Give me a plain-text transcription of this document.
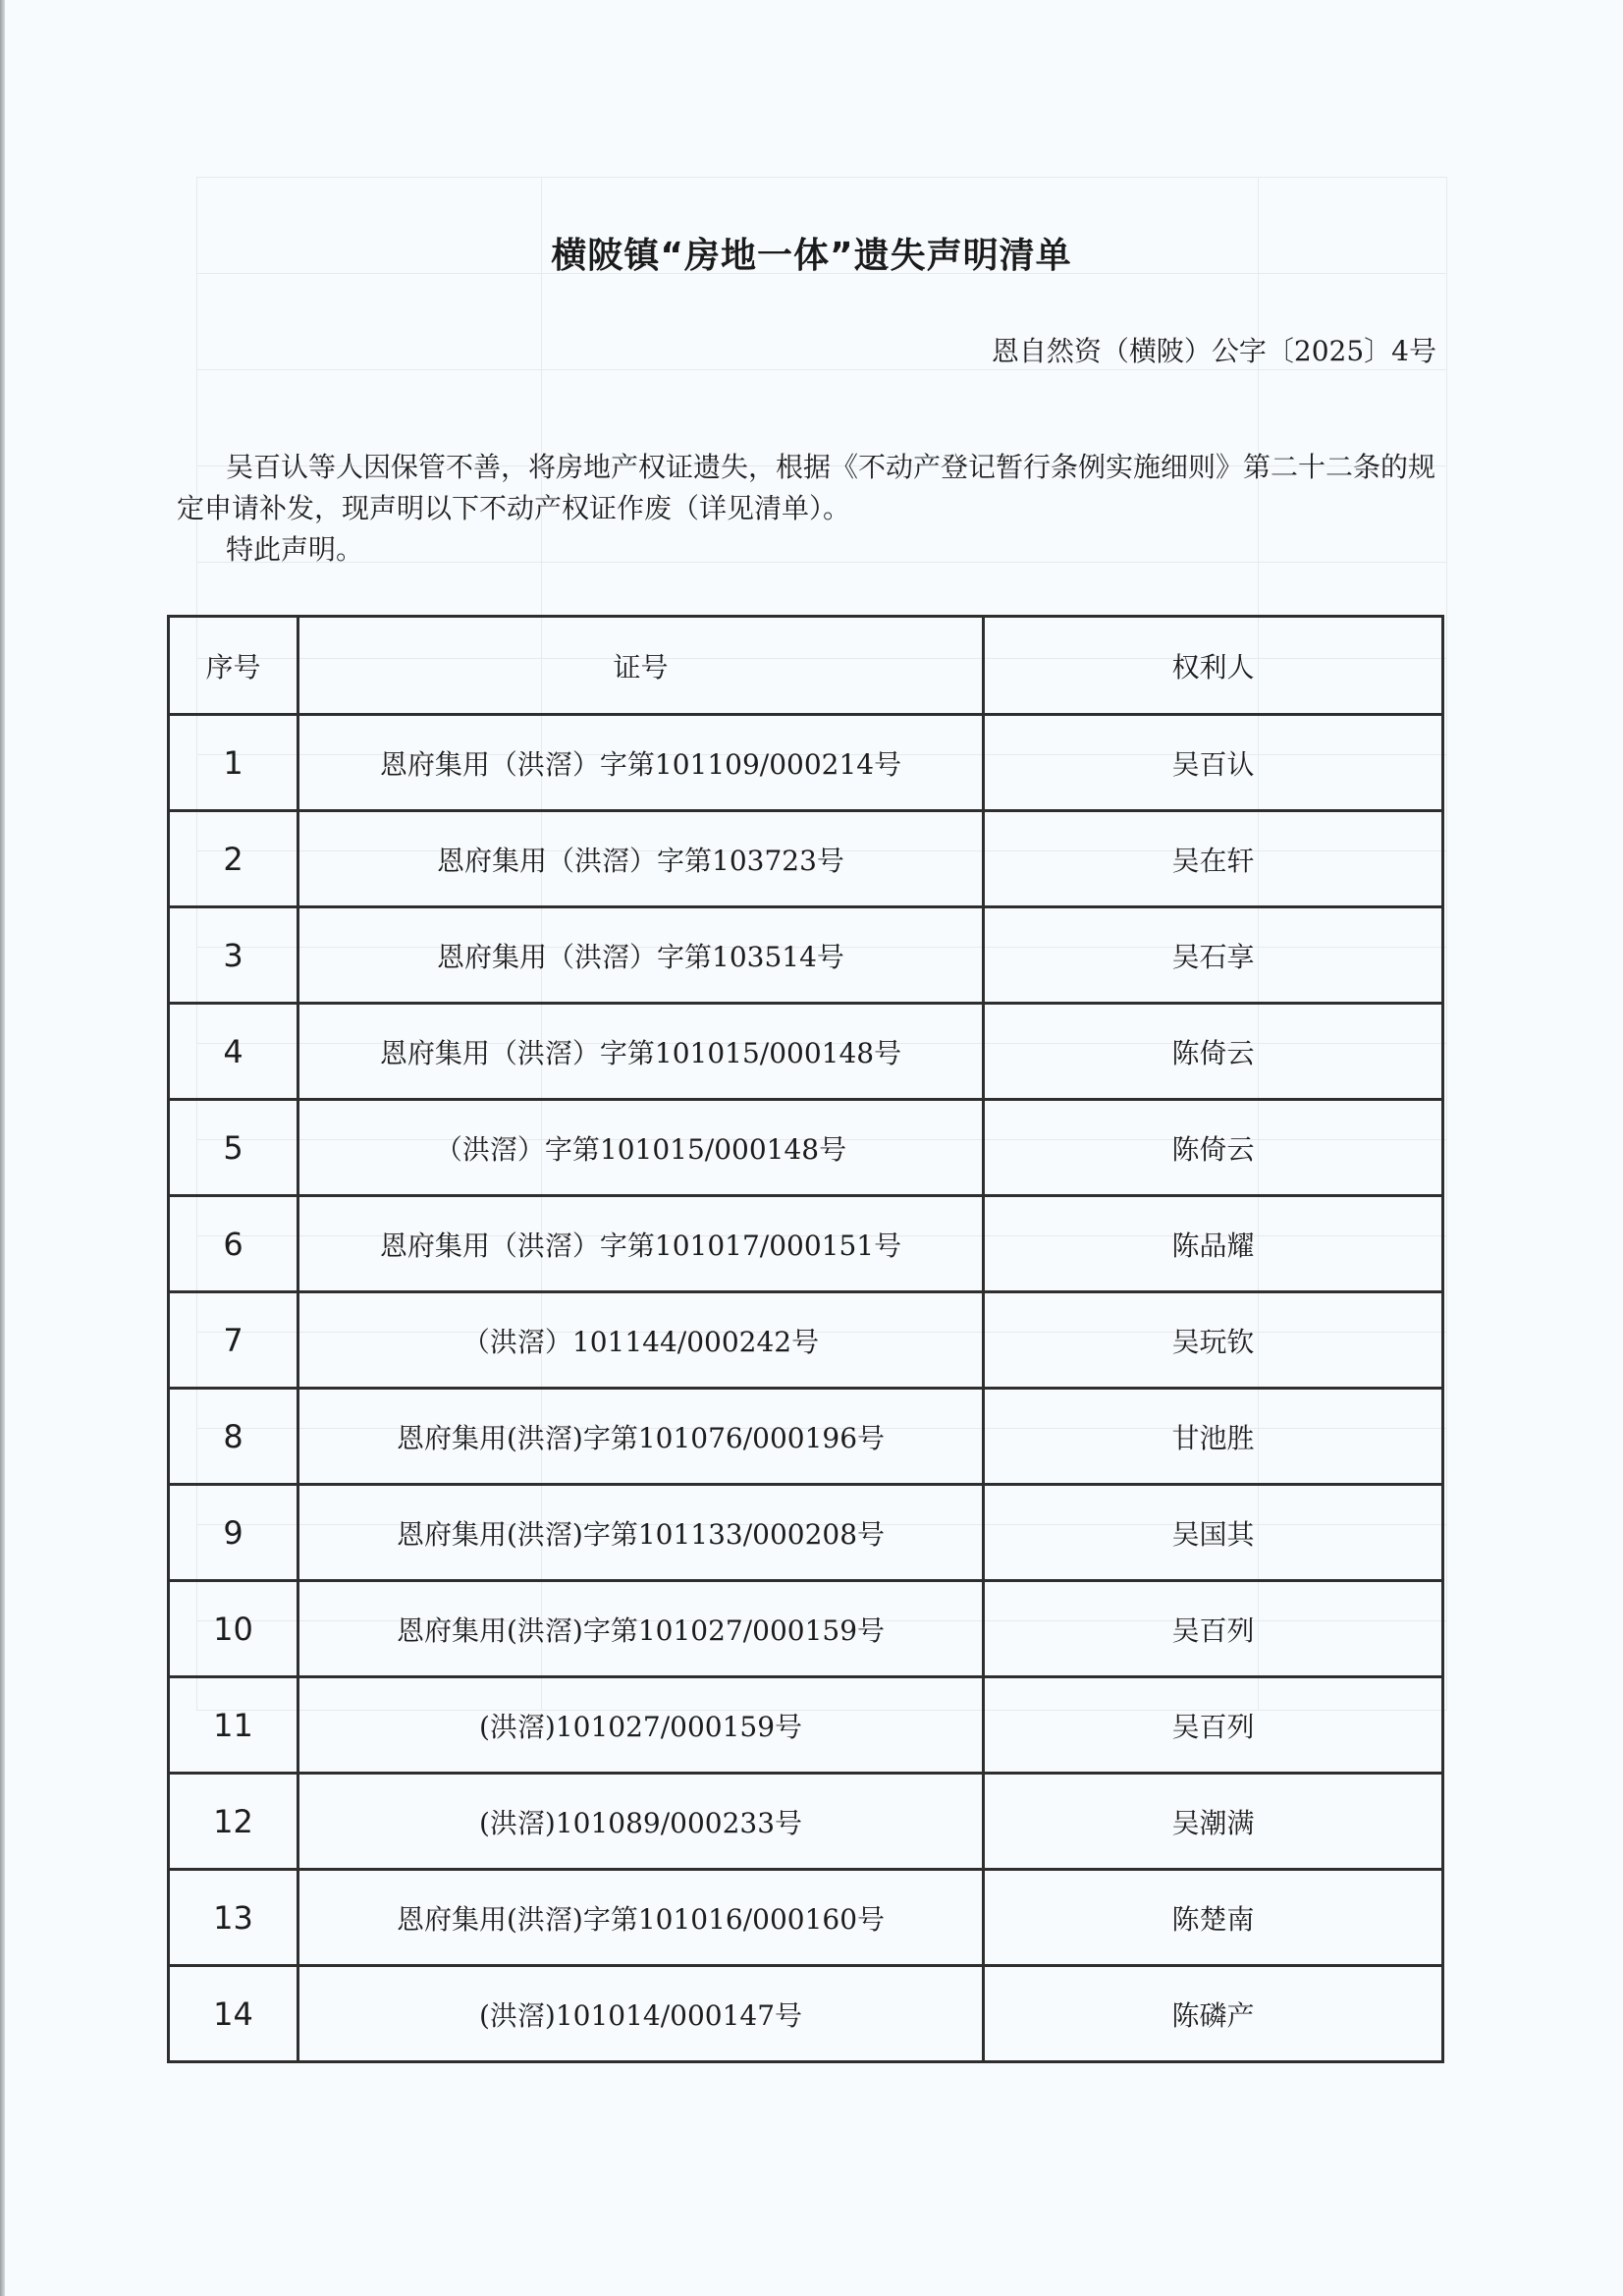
横陂镇“房地一体”遗失声明清单
恩自然资（横陂）公字〔2025〕4号

吴百认等人因保管不善，将房地产权证遗失，根据《不动产登记暂行条例实施细则》第二十二条的规定申请补发，现声明以下不动产权证作废（详见清单）。

特此声明。

序号	证号	权利人
1	恩府集用（洪滘）字第101109/000214号	吴百认
2	恩府集用（洪滘）字第103723号	吴在轩
3	恩府集用（洪滘）字第103514号	吴石享
4	恩府集用（洪滘）字第101015/000148号	陈倚云
5	（洪滘）字第101015/000148号	陈倚云
6	恩府集用（洪滘）字第101017/000151号	陈品耀
7	（洪滘）101144/000242号	吴玩钦
8	恩府集用(洪滘)字第101076/000196号	甘池胜
9	恩府集用(洪滘)字第101133/000208号	吴国其
10	恩府集用(洪滘)字第101027/000159号	吴百列
11	(洪滘)101027/000159号	吴百列
12	(洪滘)101089/000233号	吴潮满
13	恩府集用(洪滘)字第101016/000160号	陈楚南
14	(洪滘)101014/000147号	陈磷产
